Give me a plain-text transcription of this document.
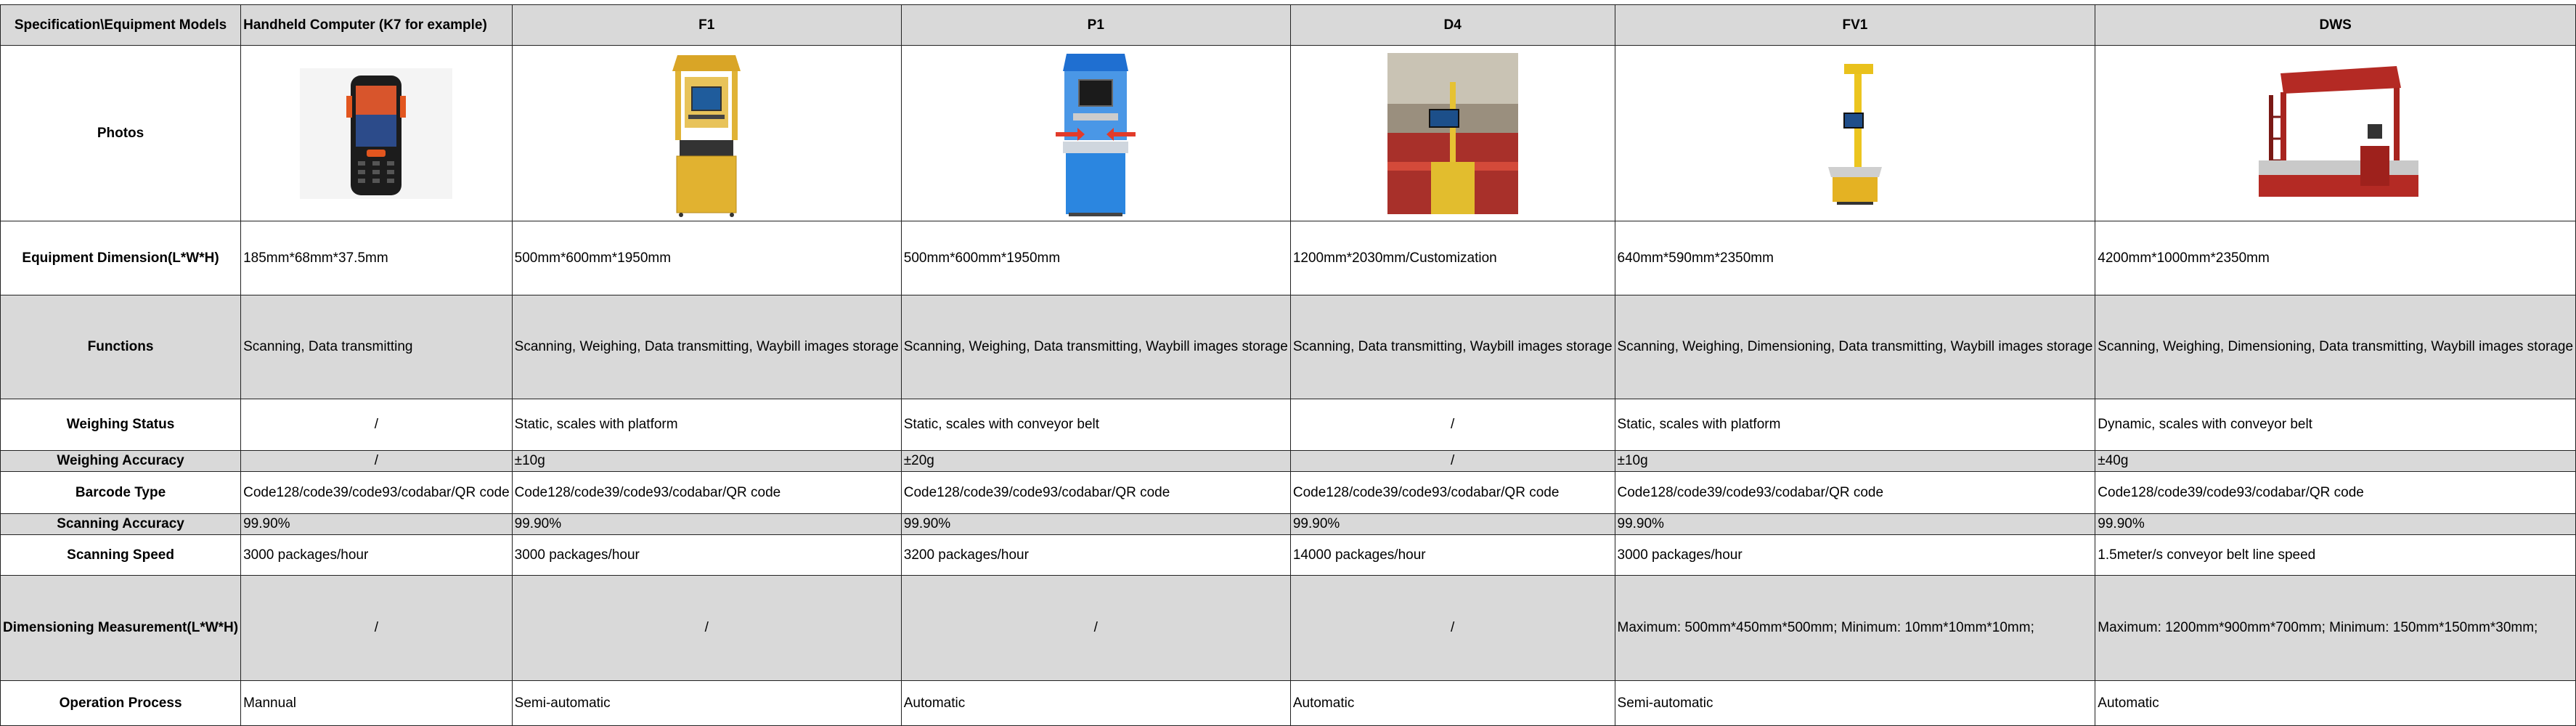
Specification\Equipment Models	Handheld Computer (K7 for example)	F1	P1	D4	FV1	DWS
Photos	

Equipment Dimension(L*W*H)	185mm*68mm*37.5mm	500mm*600mm*1950mm	500mm*600mm*1950mm	1200mm*2030mm/Customization	640mm*590mm*2350mm	4200mm*1000mm*2350mm
Functions	Scanning, Data transmitting	Scanning, Weighing, Data transmitting, Waybill images storage	Scanning, Weighing, Data transmitting, Waybill images storage	Scanning, Data transmitting, Waybill images storage	Scanning, Weighing, Dimensioning, Data transmitting, Waybill images storage	Scanning, Weighing, Dimensioning, Data transmitting, Waybill images storage
Weighing Status	/	Static, scales with platform	Static, scales with conveyor belt	/	Static, scales with platform	Dynamic, scales with conveyor belt
Weighing Accuracy	/	±10g	±20g	/	±10g	±40g
Barcode Type	Code128/code39/code93/codabar/QR code	Code128/code39/code93/codabar/QR code	Code128/code39/code93/codabar/QR code	Code128/code39/code93/codabar/QR code	Code128/code39/code93/codabar/QR code	Code128/code39/code93/codabar/QR code
Scanning Accuracy	99.90%	99.90%	99.90%	99.90%	99.90%	99.90%
Scanning Speed	3000 packages/hour	3000 packages/hour	3200 packages/hour	14000 packages/hour	3000 packages/hour	1.5meter/s conveyor belt line speed
Dimensioning Measurement(L*W*H)	/	/	/	/	Maximum: 500mm*450mm*500mm; Minimum: 10mm*10mm*10mm;	Maximum: 1200mm*900mm*700mm; Minimum: 150mm*150mm*30mm;
Operation Process	Mannual	Semi-automatic	Automatic	Automatic	Semi-automatic	Automatic
